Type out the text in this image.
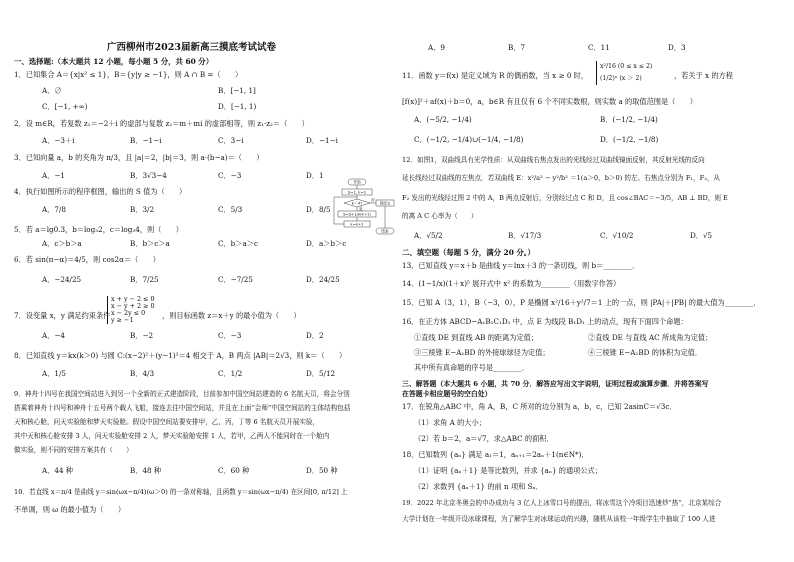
广西柳州市2023届新高三摸底考试试卷
一、选择题:（本大题共 12 小题，每小题 5 分，共 60 分）
1．已知集合 A＝{x|x² ≤ 1}，B＝{y|y ≥ −1}，则 A ∩ B =（　　）
A．∅	B．[−1, 1]
C．[−1, +∞)	D．[−1, 1)
2．设 m∈R，若复数 z₁＝−2＋i 的虚部与复数 z₂＝m＋mi 的虚部相等，则 z₁·z₂＝（　　）
A．−3＋i	B．−1−i	C．3−i	D．−1−i
3．已知向量 a，b 的夹角为 π/3，且 |a|＝2，|b|＝3，则 a·(b−a)＝（　　）
A．−1	B．3√3−4	C．−3	D．1
4．执行如图所示的程序框图，输出的 S 值为（　　）
A．7/8	B．3/2	C．5/3	D．8/5
5．若 a＝lg0.3，b＝log₃2，c＝log₃4，则（　　）
A．c＞b＞a	B．b＞c＞a	C．b＞a＞c	D．a＞b＞c
6．若 sin(π−α)＝4/5，则 cos2α＝（　　）
A．−24/25	B．7/25	C．−7/25	D．24/25
7．设变量 x，y 满足约束条件
x + y − 2 ≤ 0
x − y + 2 ≥ 0
x − 2y ≤ 0
y ≥ −1	，则目标函数 z＝x＋y 的最小值为（　　）
A．−4	B．−2	C．−3	D．2
8．已知直线 y＝kx(k＞0) 与圆 C:(x−2)²＋(y−1)²＝4 相交于 A，B 两点 |AB|＝2√3，则 k＝（　　）
A．1/5	B．4/3	C．1/2	D．5/12
9．神舟十四号在我国空间站进入到另一个全新的正式建造阶段，目前参加中国空间站建造的 6 名航天员，将会分别
搭乘着神舟十四号和神舟十五号两个载人飞船，接连去往中国空间站，并且在上面“会师”中国空间站的主体结构包括
天和核心舱，问天实验舱和梦天实验舱。假设中国空间站要安排甲，乙，丙，丁等 6 名航天员开展实验，
其中天和核心舱安排 3 人，问天实验舱安排 2 人，梦天实验舱安排 1 人，若甲，乙两人不能同时在一个舱内
做实验，则不同的安排方案共有（　　）
A．44 种	B．48 种	C．60 种	D．50 种
10．若直线 x＝π/4 是曲线 y＝sin(ωx−π/4)(ω＞0) 的一条对称轴，且函数 y＝sin(ωx−π/4) 在区间[0, π/12] 上
不单调，则 ω 的最小值为（　　）
开始
S=1, k=1
k＜4?
S=S+1/k(k+1)
k=k+1
输出S
结束
是
否
A．9	B．7	C．11	D．3
11．函数 y＝f(x) 是定义域为 R 的偶函数，当 x ≥ 0 时，
x²/16 (0 ≤ x ≤ 2)
(1/2)ˣ (x ＞ 2)	，若关于 x 的方程
[f(x)]²＋af(x)＋b＝0，a，b∈R 有且仅有 6 个不同实数根，则实数 a 的取值范围是（　　）
A．(−5/2, −1/4)	B．(−1/2, −1/4)
C．(−1/2, −1/4)∪(−1/4, −1/8)	D．(−1/2, −1/8)
12．如图1，双曲线具有光学性质：从双曲线右焦点发出的光线经过双曲线镜面反射，其反射光线的反向
延长线经过双曲线的左焦点．若双曲线 E：x²/a² − y²/b² ＝1(a＞0，b＞0) 的左、右焦点分别为 F₁，F₂，从
F₂ 发出的光线经过图 2 中的 A，B 两点反射后，分别经过点 C 和 D，且 cos∠BAC＝−3/5，AB ⊥ BD，则 E
的离 A C 心率为（　　）
A．√5/2	B．√17/3	C．√10/2	D．√5
二、填空题（每题 5 分，满分 20 分。）
13．已知直线 y＝x＋b 是曲线 y＝lnx＋3 的一条切线，则 b＝________．
14．(1−1/x)(1＋x)⁵ 展开式中 x² 的系数为________（用数字作答）
15．已知 A（3，1），B（−3，0），P 是椭圆 x²/16＋y²/7＝1 上的一点，则 |PA|＋|PB| 的最大值为________．
16．在正方体 ABCD−A₁B₁C₁D₁ 中，点 E 为线段 B₁D₁ 上的动点，现有下面四个命题：
①直线 DE 到直线 AB 的距离为定值；	②直线 DE 与直线 AC 所成角为定值；
③三棱锥 E−A₁BD 的外接球球径为定值；	④三棱锥 E−A₁BD 的体积为定值．
其中所有真命题的序号是________．
三、解答题（本大题共 6 小题，共 70 分．解答应写出文字说明，证明过程或演算步骤．并将答案写
在答题卡相应题号的空白处）
17．在锐角△ABC 中，角 A，B，C 所对的边分别为 a，b，c，已知 2asinC＝√3c．
（1）求角 A 的大小；
（2）若 b＝2，a＝√7，求△ABC 的面积．
18．已知数列 {aₙ} 满足 a₁＝1，aₙ₊₁＝2aₙ＋1(n∈N*)．
（1）证明 {aₙ＋1} 是等比数列，并求 {aₙ} 的通项公式；
（2）求数列 {aₙ＋1} 的前 n 项和 Sₙ．
19．2022 年北京冬奥会的申办成功与 3 亿人上冰雪口号的提出，将冰雪这个冷项目迅速炒“热”，北京某综合
大学计划在一年级开设冰球课程，为了解学生对冰球运动的兴趣，随机从该校一年级学生中抽取了 100 人进
